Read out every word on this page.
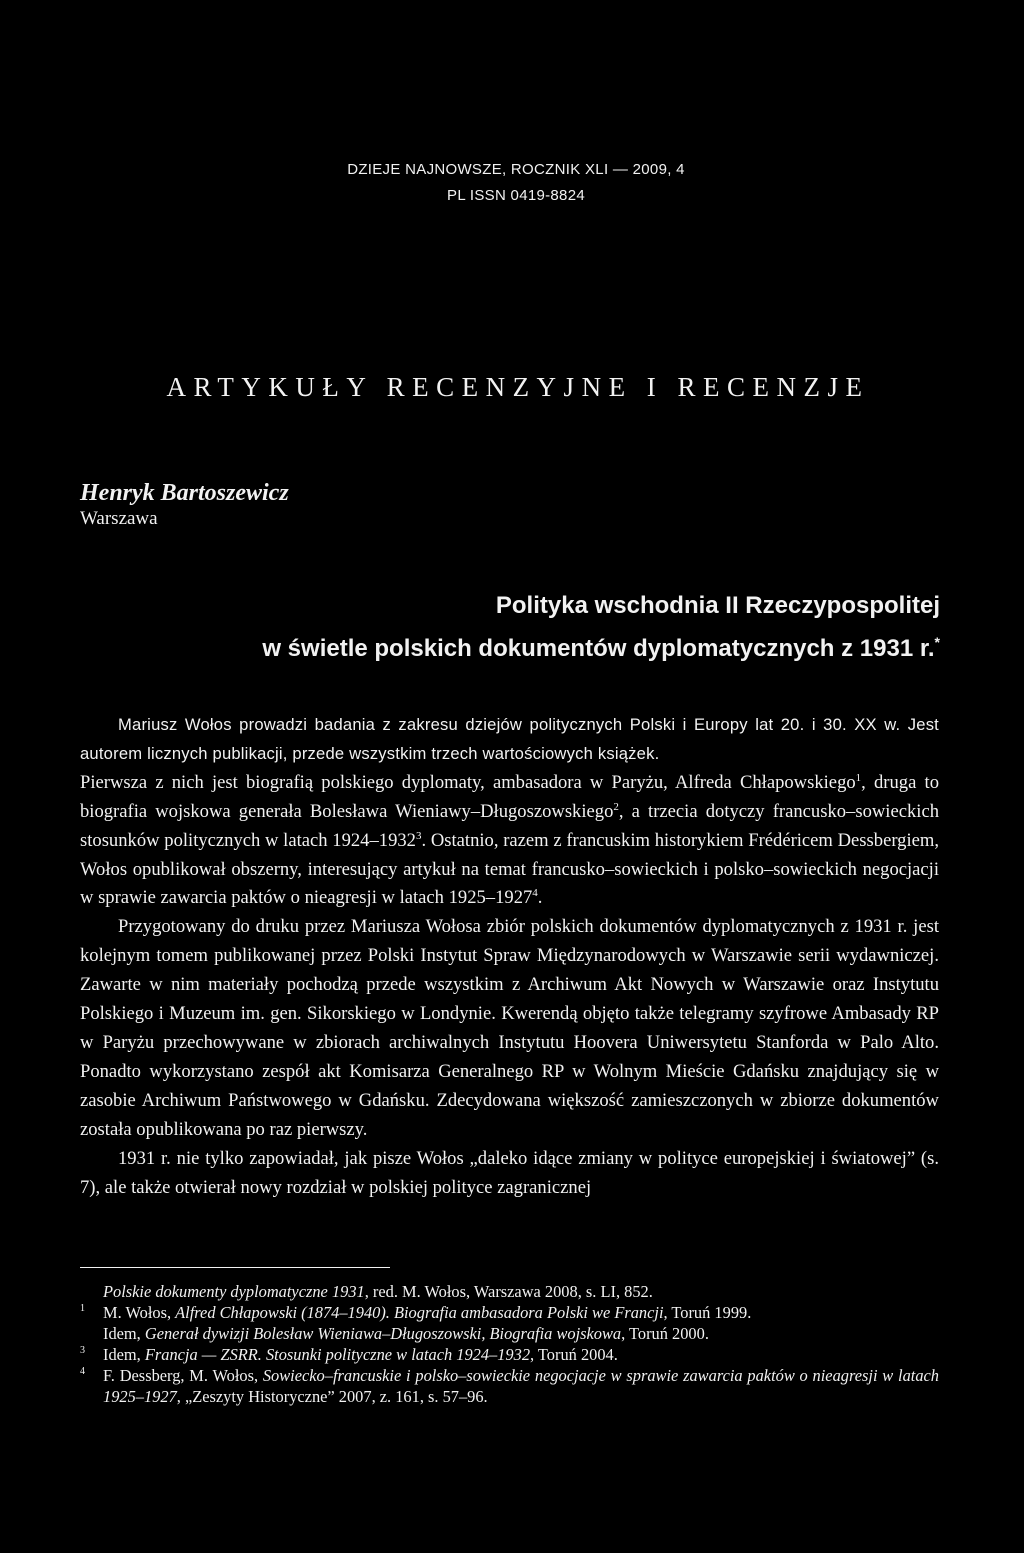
DZIEJE NAJNOWSZE, ROCZNIK XLI — 2009, 4
PL ISSN 0419-8824
ARTYKUŁY RECENZYJNE I RECENZJE
Henryk Bartoszewicz
Warszawa
Polityka wschodnia II Rzeczypospolitej
w świetle polskich dokumentów dyplomatycznych z 1931 r.*

Mariusz Wołos prowadzi badania z zakresu dziejów politycznych Polski i Europy lat 20. i 30. XX w. Jest autorem licznych publikacji, przede wszystkim trzech wartościowych książek.

Pierwsza z nich jest biografią polskiego dyplomaty, ambasadora w Paryżu, Alfreda Chłapowskiego$^1$, druga to biografia wojskowa generała Bolesława Wieniawy–Długoszowskiego$^2$, a trzecia dotyczy francusko–sowieckich stosunków politycznych w latach 1924–1932$^3$. Ostatnio, razem z francuskim historykiem Frédéricem Dessbergiem, Wołos opublikował obszerny, interesujący artykuł na temat francusko–sowieckich i polsko–sowieckich negocjacji w sprawie zawarcia paktów o nieagresji w latach 1925–1927$^4$.

Przygotowany do druku przez Mariusza Wołosa zbiór polskich dokumentów dyplomatycznych z 1931 r. jest kolejnym tomem publikowanej przez Polski Instytut Spraw Międzynarodowych w Warszawie serii wydawniczej. Zawarte w nim materiały pochodzą przede wszystkim z Archiwum Akt Nowych w Warszawie oraz Instytutu Polskiego i Muzeum im. gen. Sikorskiego w Londynie. Kwerendą objęto także telegramy szyfrowe Ambasady RP w Paryżu przechowywane w zbiorach archiwalnych Instytutu Hoovera Uniwersytetu Stanforda w Palo Alto. Ponadto wykorzystano zespół akt Komisarza Generalnego RP w Wolnym Mieście Gdańsku znajdujący się w zasobie Archiwum Państwowego w Gdańsku. Zdecydowana większość zamieszczonych w zbiorze dokumentów została opublikowana po raz pierwszy.

1931 r. nie tylko zapowiadał, jak pisze Wołos „daleko idące zmiany w polityce europejskiej i światowej” (s. 7), ale także otwierał nowy rozdział w polskiej polityce zagranicznej

Polskie dokumenty dyplomatyczne 1931, red. M. Wołos, Warszawa 2008, s. LI, 852.
1 M. Wołos, Alfred Chłapowski (1874–1940). Biografia ambasadora Polski we Francji, Toruń 1999.
Idem, Generał dywizji Bolesław Wieniawa–Długoszowski, Biografia wojskowa, Toruń 2000.
3 Idem, Francja — ZSRR. Stosunki polityczne w latach 1924–1932, Toruń 2004.
4 F. Dessberg, M. Wołos, Sowiecko–francuskie i polsko–sowieckie negocjacje w sprawie zawarcia paktów o nieagresji w latach 1925–1927, „Zeszyty Historyczne” 2007, z. 161, s. 57–96.
